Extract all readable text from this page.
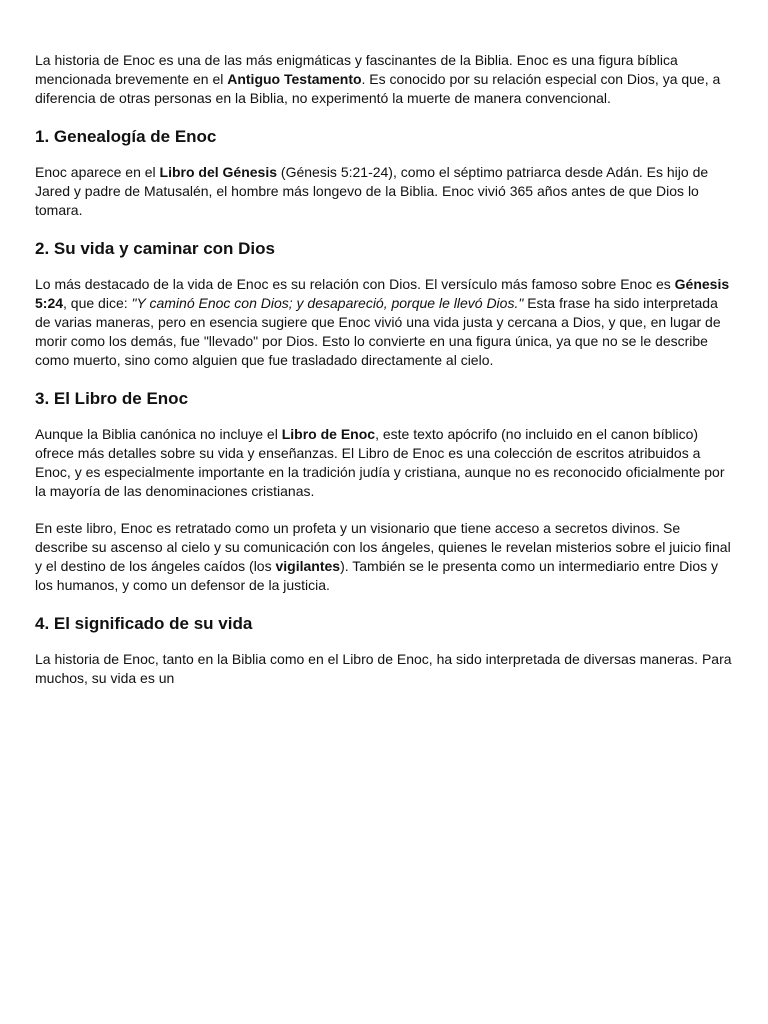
La historia de Enoc es una de las más enigmáticas y fascinantes de la Biblia. Enoc es una figura bíblica mencionada brevemente en el Antiguo Testamento. Es conocido por su relación especial con Dios, ya que, a diferencia de otras personas en la Biblia, no experimentó la muerte de manera convencional.

1. Genealogía de Enoc

Enoc aparece en el Libro del Génesis (Génesis 5:21-24), como el séptimo patriarca desde Adán. Es hijo de Jared y padre de Matusalén, el hombre más longevo de la Biblia. Enoc vivió 365 años antes de que Dios lo tomara.

2. Su vida y caminar con Dios

Lo más destacado de la vida de Enoc es su relación con Dios. El versículo más famoso sobre Enoc es Génesis 5:24, que dice: "Y caminó Enoc con Dios; y desapareció, porque le llevó Dios." Esta frase ha sido interpretada de varias maneras, pero en esencia sugiere que Enoc vivió una vida justa y cercana a Dios, y que, en lugar de morir como los demás, fue "llevado" por Dios. Esto lo convierte en una figura única, ya que no se le describe como muerto, sino como alguien que fue trasladado directamente al cielo.

3. El Libro de Enoc

Aunque la Biblia canónica no incluye el Libro de Enoc, este texto apócrifo (no incluido en el canon bíblico) ofrece más detalles sobre su vida y enseñanzas. El Libro de Enoc es una colección de escritos atribuidos a Enoc, y es especialmente importante en la tradición judía y cristiana, aunque no es reconocido oficialmente por la mayoría de las denominaciones cristianas.

En este libro, Enoc es retratado como un profeta y un visionario que tiene acceso a secretos divinos. Se describe su ascenso al cielo y su comunicación con los ángeles, quienes le revelan misterios sobre el juicio final y el destino de los ángeles caídos (los vigilantes). También se le presenta como un intermediario entre Dios y los humanos, y como un defensor de la justicia.

4. El significado de su vida

La historia de Enoc, tanto en la Biblia como en el Libro de Enoc, ha sido interpretada de diversas maneras. Para muchos, su vida es un
